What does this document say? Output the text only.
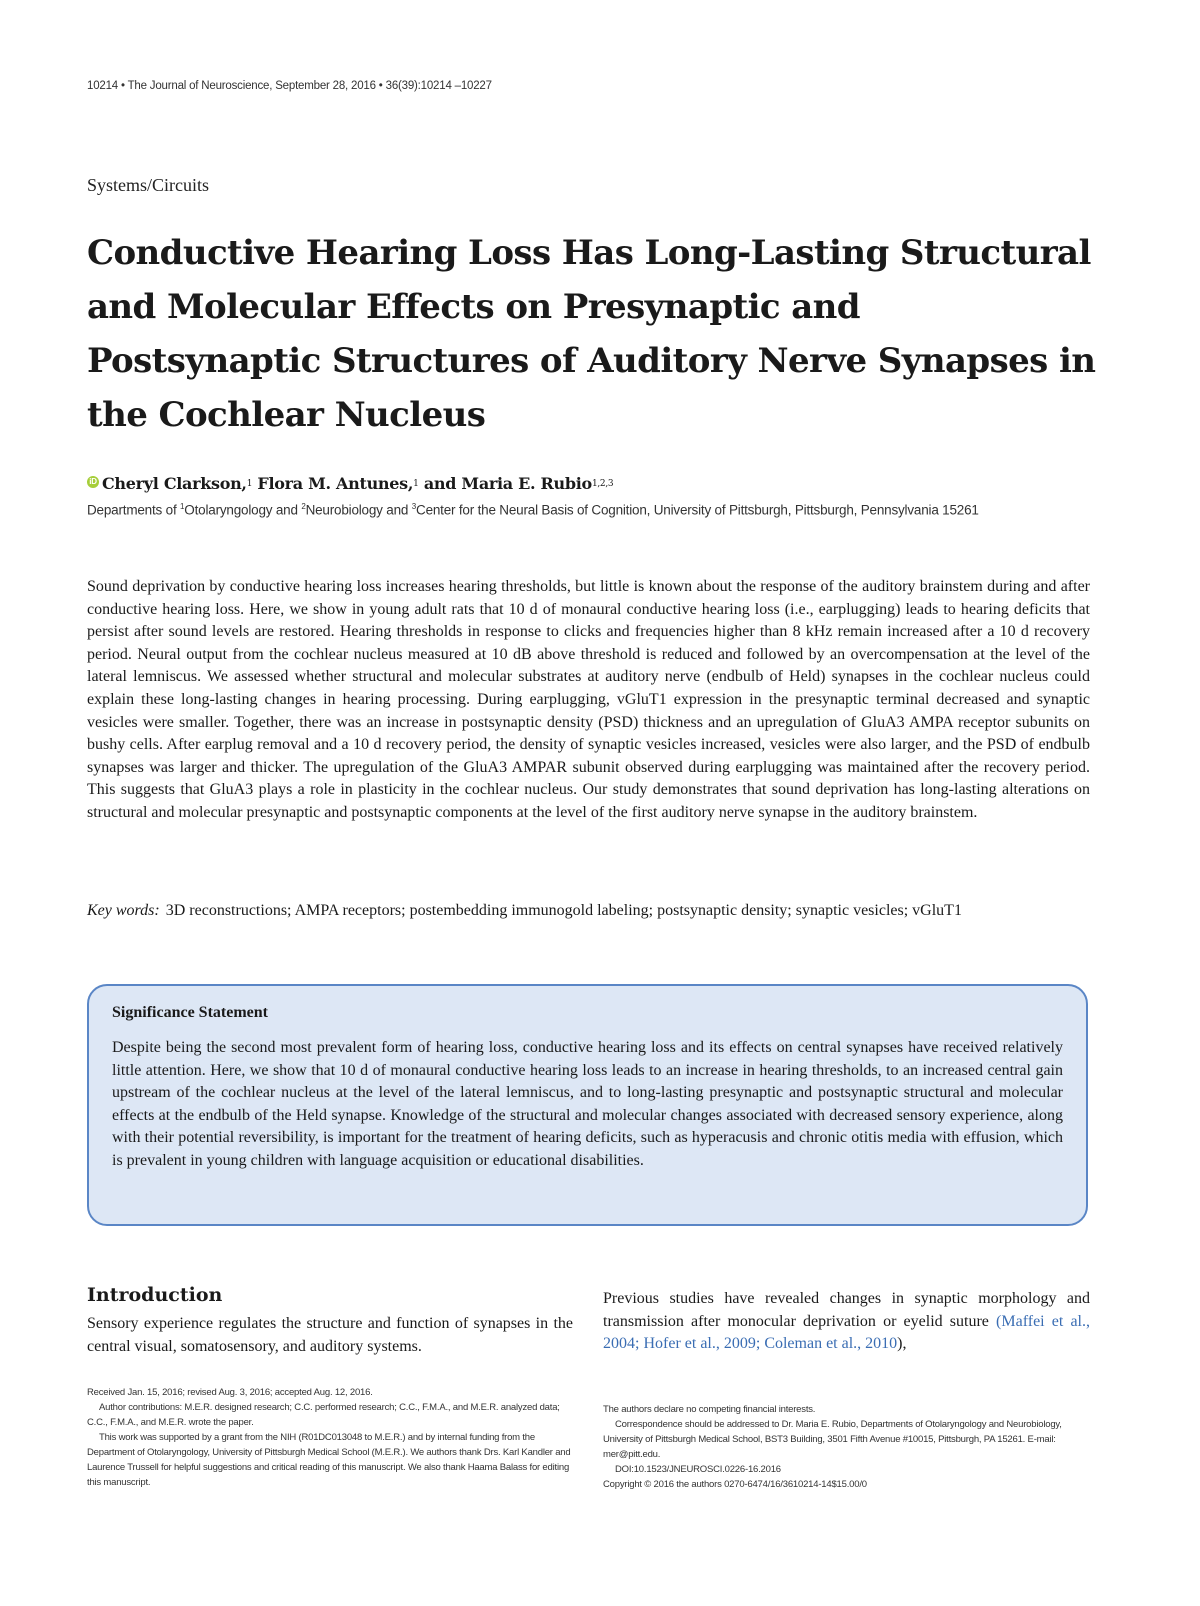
10214 • The Journal of Neuroscience, September 28, 2016 • 36(39):10214 –10227
Systems/Circuits
Conductive Hearing Loss Has Long-Lasting Structural and Molecular Effects on Presynaptic and Postsynaptic Structures of Auditory Nerve Synapses in the Cochlear Nucleus
iD Cheryl Clarkson, 1
Flora M. Antunes, 1
and Maria E. Rubio 1,2,3
Departments of $^1$Otolaryngology and $^2$Neurobiology and $^3$Center for the Neural Basis of Cognition, University of Pittsburgh, Pittsburgh, Pennsylvania 15261

Sound deprivation by conductive hearing loss increases hearing thresholds, but little is known about the response of the auditory brainstem during and after conductive hearing loss. Here, we show in young adult rats that 10 d of monaural conductive hearing loss (i.e., earplugging) leads to hearing deficits that persist after sound levels are restored. Hearing thresholds in response to clicks and frequencies higher than 8 kHz remain increased after a 10 d recovery period. Neural output from the cochlear nucleus measured at 10 dB above threshold is reduced and followed by an overcompensation at the level of the lateral lemniscus. We assessed whether structural and molecular substrates at auditory nerve (endbulb of Held) synapses in the cochlear nucleus could explain these long-lasting changes in hearing processing. During earplugging, vGluT1 expression in the presynaptic terminal decreased and synaptic vesicles were smaller. Together, there was an increase in postsynaptic density (PSD) thickness and an upregulation of GluA3 AMPA receptor subunits on bushy cells. After earplug removal and a 10 d recovery period, the density of synaptic vesicles increased, vesicles were also larger, and the PSD of endbulb synapses was larger and thicker. The upregulation of the GluA3 AMPAR subunit observed during earplugging was maintained after the recovery period. This suggests that GluA3 plays a role in plasticity in the cochlear nucleus. Our study demonstrates that sound deprivation has long-lasting alterations on structural and molecular presynaptic and postsynaptic components at the level of the first auditory nerve synapse in the auditory brainstem.

Key words: 3D reconstructions; AMPA receptors; postembedding immunogold labeling; postsynaptic density; synaptic vesicles; vGluT1

Significance Statement

Despite being the second most prevalent form of hearing loss, conductive hearing loss and its effects on central synapses have received relatively little attention. Here, we show that 10 d of monaural conductive hearing loss leads to an increase in hearing thresholds, to an increased central gain upstream of the cochlear nucleus at the level of the lateral lemniscus, and to long-lasting presynaptic and postsynaptic structural and molecular effects at the endbulb of the Held synapse. Knowledge of the structural and molecular changes associated with decreased sensory experience, along with their potential reversibility, is important for the treatment of hearing deficits, such as hyperacusis and chronic otitis media with effusion, which is prevalent in young children with language acquisition or educational disabilities.

Introduction

Sensory experience regulates the structure and function of synapses in the central visual, somatosensory, and auditory systems.

Previous studies have revealed changes in synaptic morphology and transmission after monocular deprivation or eyelid suture (Maffei et al., 2004; Hofer et al., 2009; Coleman et al., 2010),

Received Jan. 15, 2016; revised Aug. 3, 2016; accepted Aug. 12, 2016.

Author contributions: M.E.R. designed research; C.C. performed research; C.C., F.M.A., and M.E.R. analyzed data; C.C., F.M.A., and M.E.R. wrote the paper.

This work was supported by a grant from the NIH (R01DC013048 to M.E.R.) and by internal funding from the Department of Otolaryngology, University of Pittsburgh Medical School (M.E.R.). We authors thank Drs. Karl Kandler and Laurence Trussell for helpful suggestions and critical reading of this manuscript. We also thank Haama Balass for editing this manuscript.

The authors declare no competing financial interests.

Correspondence should be addressed to Dr. Maria E. Rubio, Departments of Otolaryngology and Neurobiology, University of Pittsburgh Medical School, BST3 Building, 3501 Fifth Avenue #10015, Pittsburgh, PA 15261. E-mail: mer@pitt.edu.

DOI:10.1523/JNEUROSCI.0226-16.2016

Copyright © 2016 the authors 0270-6474/16/3610214-14$15.00/0
